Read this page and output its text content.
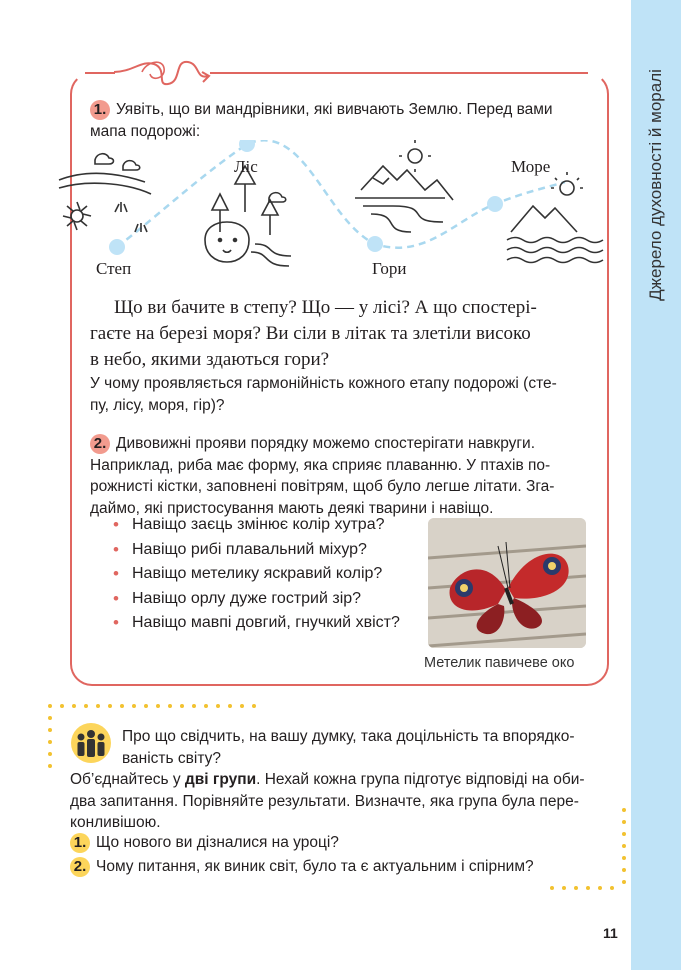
Джерело духовності й моралі
1. Уявіть, що ви мандрівники, які вивчають Землю. Перед вами
мапа подорожі:
Степ
Ліс
Гори
Море
Що ви бачите в степу? Що — у лісі? А що спостері-
гаєте на березі моря? Ви сіли в літак та злетіли високо
в небо, якими здаються гори?
У чому проявляється гармонійність кожного етапу подорожі (сте-
пу, лісу, моря, гір)?
2. Дивовижні прояви порядку можемо спостерігати навкруги.
Наприклад, риба має форму, яка сприяє плаванню. У птахів по-
рожнисті кістки, заповнені повітрям, щоб було легше літати. Зга-
даймо, які пристосування мають деякі тварини і навіщо.
• Навіщо заєць змінює колір хутра?
• Навіщо рибі плавальний міхур?
• Навіщо метелику яскравий колір?
• Навіщо орлу дуже гострий зір?
• Навіщо мавпі довгий, гнучкий хвіст?
Метелик павичеве око
Про що свідчить, на вашу думку, така доцільність та впорядко-
ваність світу?
Об’єднайтесь у дві групи. Нехай кожна група підготує відповіді на оби-
два запитання. Порівняйте результати. Визначте, яка група була пере-
конливішою.
1. Що нового ви дізналися на уроці?
2. Чому питання, як виник світ, було та є актуальним і спірним?
11
